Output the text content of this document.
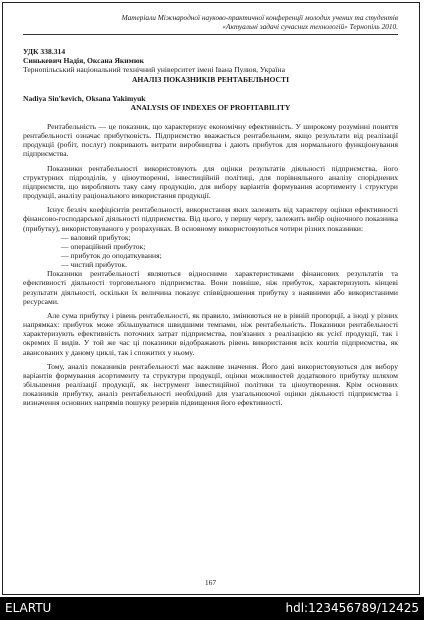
Матеріали Міжнародної науково-практичної конференції молодих учених та студентів
«Актуальні задачі сучасних технологій» Тернопіль 2010.
УДК 338.314
Синькевич Надія, Оксана Якимюк
Тернопільський національний технічний університет імені Івана Пулюя, Україна
АНАЛІЗ ПОКАЗНИКІВ РЕНТАБЕЛЬНОСТІ
Nadiya Sin'kevich, Oksana Yakimyuk
ANALYSIS OF INDEXES OF PROFITABILITY

Рентабельність — це показник, що характеризує економічну ефективність. У широкому розумінні поняття рентабельності означає прибутковість. Підприємство вважається рентабельним, якщо результати від реалізації продукції (робіт, послуг) покривають витрати виробництва і дають прибуток для нормального функціонування підприємства.

Показники рентабельності використовують для оцінки результатів діяльності підприємства, його структурних підрозділів, у ціноутворенні, інвестиційній політиці, для порівняльного аналізу споріднених підприємств, що виробляють таку саму продукцію, для вибору варіантів формування асортименту і структури продукції, аналізу раціонального використання продукції.

Існує безліч коефіцієнтів рентабельності, використання яких залежить від характеру оцінки ефективності фінансово-господарської діяльності підприємства. Від цього, у першу чергу, залежить вибір оціночного показника (прибутку), використовуваного у розрахунках. В основному використовуються чотири різних показники:

— валовий прибуток;
— операційний прибуток;
— прибуток до оподаткування;
— чистий прибуток.

Показники рентабельності являються відносними характеристиками фінансових результатів та ефективності діяльності торговельного підприємства. Вони повніше, ніж прибуток, характеризують кінцеві результати діяльності, оскільки їх величина показує співвідношення прибутку з наявними або використаними ресурсами.

Але сума прибутку і рівень рентабельності, як правило, змінюються не в рівній пропорції, а іноді у різних напрямках: прибуток може збільшуватися швидшими темпами, ніж рентабельність. Показники рентабельності характеризують ефективність поточних затрат підприємства, пов'язаних з реалізацією як усієї продукції, так і окремих її видів. У той же час ці показники відображають рівень використання всіх коштів підприємства, як авансованих у даному циклі, так і спожитих у ньому.

Тому, аналіз показників рентабельності має важливе значення. Його дані використовуються для вибору варіантів формування асортименту та структури продукції, оцінки можливостей додаткового прибутку шляхом збільшення реалізації продукції, як інструмент інвестиційної політики та ціноутворення. Крім основних показників прибутку, аналіз рентабельності необхідний для узагальнюючої оцінки діяльності підприємства і визначення основних напрямів пошуку резервів підвищення його ефективності.

167
ELARTU	hdl:123456789/12425
